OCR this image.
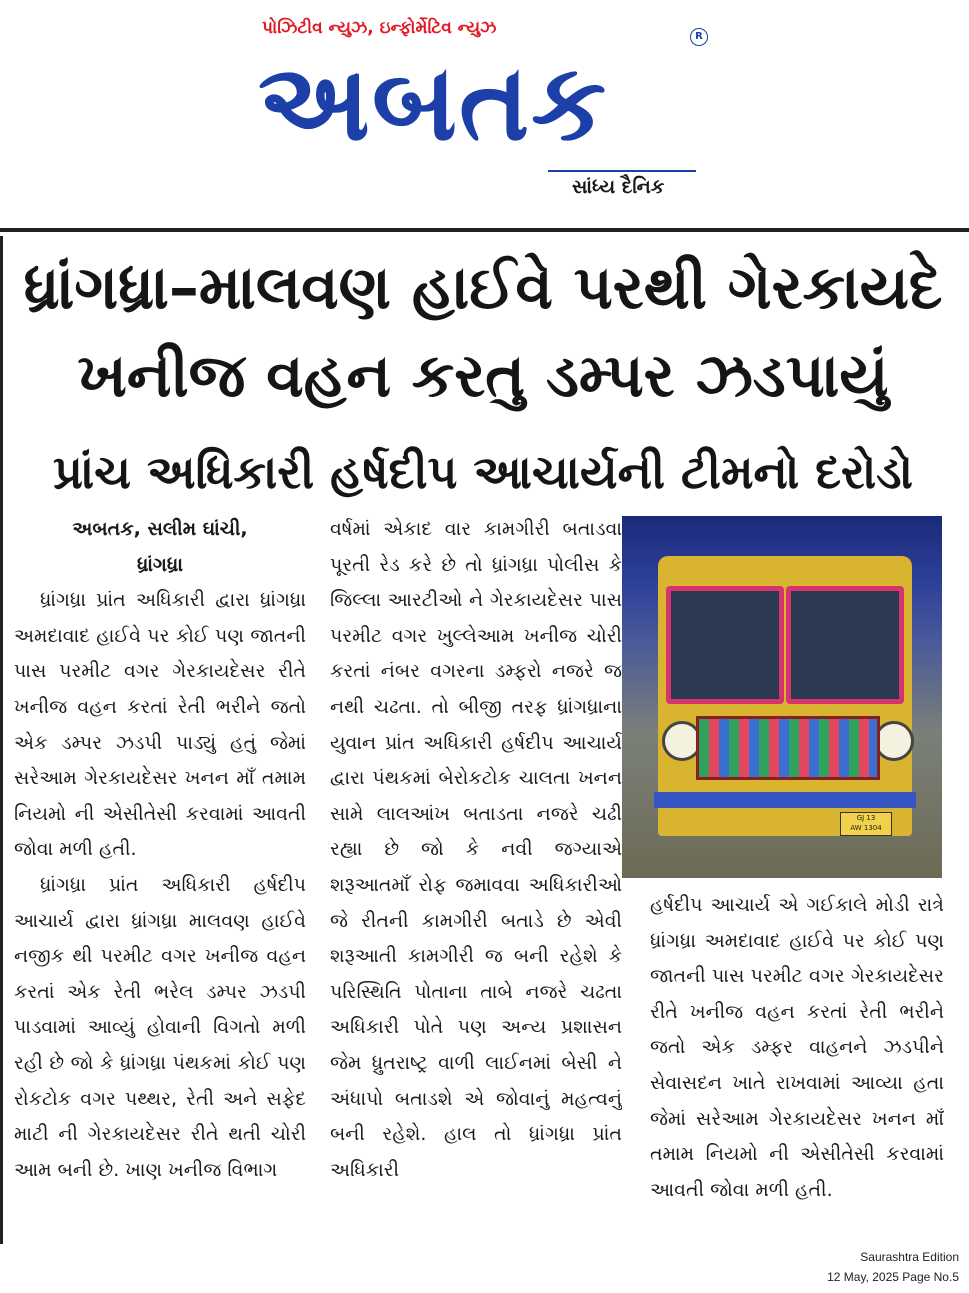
પોઝિટીવ ન્યુઝ, ઇન્ફોર્મેટિવ ન્યુઝ
અબતક
R
સાંધ્ય દૈનિક
ધ્રાંગધ્રા–માલવણ હાઈવે પરથી ગેરકાયદે
ખનીજ વહન કરતુ ડમ્પર ઝડપાયું
પ્રાંચ અધિકારી હર્ષદીપ આચાર્યની ટીમનો દરોડો

અબતક, સલીમ ઘાંચી,

ધ્રાંગધ્રા

ધ્રાંગધ્રા પ્રાંત અધિકારી દ્વારા ધ્રાંગધ્રા અમદાવાદ હાઈવે પર કોઈ પણ જાતની પાસ પરમીટ વગર ગેરકાયદેસર રીતે ખનીજ વહન કરતાં રેતી ભરીને જતો એક ડમ્પર ઝડપી પાડ્યું હતું જેમાં સરેઆમ ગેરકાયદેસર ખનન માઁ તમામ નિયમો ની એસીતેસી કરવામાં આવતી જોવા મળી હતી.

ધ્રાંગધ્રા પ્રાંત અધિકારી હર્ષદીપ આચાર્ય દ્વારા ધ્રાંગધ્રા માલવણ હાઈવે નજીક થી પરમીટ વગર ખનીજ વહન કરતાં એક રેતી ભરેલ ડમ્પર ઝડપી પાડવામાં આવ્યું હોવાની વિગતો મળી રહી છે જો કે ધ્રાંગધ્રા પંથકમાં કોઈ પણ રોકટોક વગર પથ્થર, રેતી અને સફેદ માટી ની ગેરકાયદેસર રીતે થતી ચોરી આમ બની છે. ખાણ ખનીજ વિભાગ

વર્ષમાં એકાદ વાર કામગીરી બતાડવા પૂરતી રેડ કરે છે તો ધ્રાંગધ્રા પોલીસ કે જિલ્લા આરટીઓ ને ગેરકાયદેસર પાસ પરમીટ વગર ખુલ્લેઆમ ખનીજ ચોરી કરતાં નંબર વગરના ડમ્ફરો નજરે જ નથી ચઢતા. તો બીજી તરફ ધ્રાંગધ્રાના યુવાન પ્રાંત અધિકારી હર્ષદીપ આચાર્ય દ્વારા પંથકમાં બેરોકટોક ચાલતા ખનન સામે લાલઆંખ બતાડતા નજરે ચઢી રહ્યા છે જો કે નવી જગ્યાએ શરૂઆતમાઁ રોફ જમાવવા અધિકારીઓ જે રીતની કામગીરી બતાડે છે એવી શરૂઆતી કામગીરી જ બની રહેશે કે પરિસ્થિતિ પોતાના તાબે નજરે ચઢતા અધિકારી પોતે પણ અન્ય પ્રશાસન જેમ ધ્રુતરાષ્ટ્ર વાળી લાઈનમાં બેસી ને અંધાપો બતાડશે એ જોવાનું મહત્વનું બની રહેશે. હાલ તો ધ્રાંગધ્રા પ્રાંત અધિકારી

GJ 13
AW 1304

હર્ષદીપ આચાર્ય એ ગઈકાલે મોડી રાત્રે ધ્રાંગધ્રા અમદાવાદ હાઈવે પર કોઈ પણ જાતની પાસ પરમીટ વગર ગેરકાયદેસર રીતે ખનીજ વહન કરતાં રેતી ભરીને જતો એક ડમ્ફર વાહનને ઝડપીને સેવાસદન ખાતે રાખવામાં આવ્યા હતા જેમાં સરેઆમ ગેરકાયદેસર ખનન માઁ તમામ નિયમો ની એસીતેસી કરવામાં આવતી જોવા મળી હતી.

Saurashtra Edition
12 May, 2025 Page No.5
